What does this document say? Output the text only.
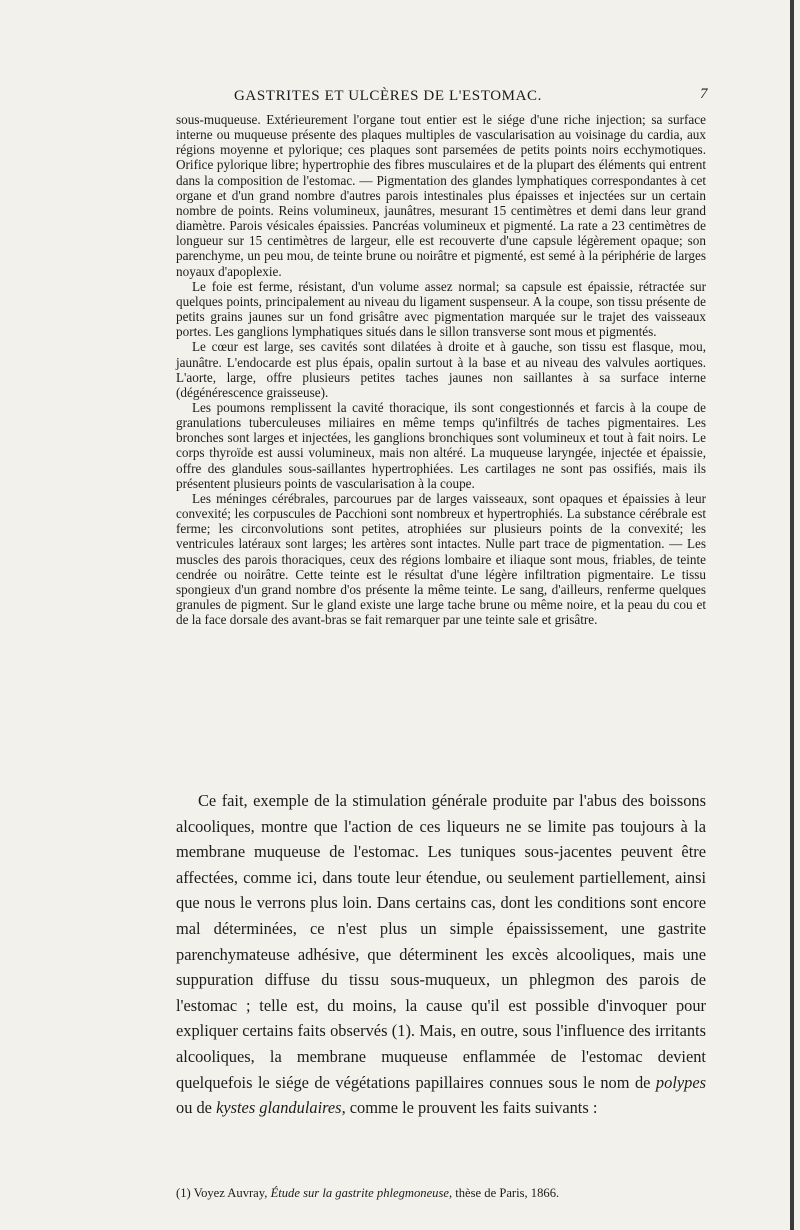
GASTRITES ET ULCÈRES DE L'ESTOMAC.	7

sous-muqueuse. Extérieurement l'organe tout entier est le siége d'une riche injection; sa surface interne ou muqueuse présente des plaques multiples de vascularisation au voisinage du cardia, aux régions moyenne et pylorique; ces plaques sont parsemées de petits points noirs ecchymotiques. Orifice pylorique libre; hypertrophie des fibres musculaires et de la plupart des éléments qui entrent dans la composition de l'estomac. — Pigmentation des glandes lymphatiques correspondantes à cet organe et d'un grand nombre d'autres parois intestinales plus épaisses et injectées sur un certain nombre de points. Reins volumineux, jaunâtres, mesurant 15 centimètres et demi dans leur grand diamètre. Parois vésicales épaissies. Pancréas volumineux et pigmenté. La rate a 23 centimètres de longueur sur 15 centimètres de largeur, elle est recouverte d'une capsule légèrement opaque; son parenchyme, un peu mou, de teinte brune ou noirâtre et pigmenté, est semé à la périphérie de larges noyaux d'apoplexie.

Le foie est ferme, résistant, d'un volume assez normal; sa capsule est épaissie, rétractée sur quelques points, principalement au niveau du ligament suspenseur. A la coupe, son tissu présente de petits grains jaunes sur un fond grisâtre avec pigmentation marquée sur le trajet des vaisseaux portes. Les ganglions lymphatiques situés dans le sillon transverse sont mous et pigmentés.

Le cœur est large, ses cavités sont dilatées à droite et à gauche, son tissu est flasque, mou, jaunâtre. L'endocarde est plus épais, opalin surtout à la base et au niveau des valvules aortiques. L'aorte, large, offre plusieurs petites taches jaunes non saillantes à sa surface interne (dégénérescence graisseuse).

Les poumons remplissent la cavité thoracique, ils sont congestionnés et farcis à la coupe de granulations tuberculeuses miliaires en même temps qu'infiltrés de taches pigmentaires. Les bronches sont larges et injectées, les ganglions bronchiques sont volumineux et tout à fait noirs. Le corps thyroïde est aussi volumineux, mais non altéré. La muqueuse laryngée, injectée et épaissie, offre des glandules sous-saillantes hypertrophiées. Les cartilages ne sont pas ossifiés, mais ils présentent plusieurs points de vascularisation à la coupe.

Les méninges cérébrales, parcourues par de larges vaisseaux, sont opaques et épaissies à leur convexité; les corpuscules de Pacchioni sont nombreux et hypertrophiés. La substance cérébrale est ferme; les circonvolutions sont petites, atrophiées sur plusieurs points de la convexité; les ventricules latéraux sont larges; les artères sont intactes. Nulle part trace de pigmentation. — Les muscles des parois thoraciques, ceux des régions lombaire et iliaque sont mous, friables, de teinte cendrée ou noirâtre. Cette teinte est le résultat d'une légère infiltration pigmentaire. Le tissu spongieux d'un grand nombre d'os présente la même teinte. Le sang, d'ailleurs, renferme quelques granules de pigment. Sur le gland existe une large tache brune ou même noire, et la peau du cou et de la face dorsale des avant-bras se fait remarquer par une teinte sale et grisâtre.

Ce fait, exemple de la stimulation générale produite par l'abus des boissons alcooliques, montre que l'action de ces liqueurs ne se limite pas toujours à la membrane muqueuse de l'estomac. Les tuniques sous-jacentes peuvent être affectées, comme ici, dans toute leur étendue, ou seulement partiellement, ainsi que nous le verrons plus loin. Dans certains cas, dont les conditions sont encore mal déterminées, ce n'est plus un simple épaississement, une gastrite parenchymateuse adhésive, que déterminent les excès alcooliques, mais une suppuration diffuse du tissu sous-muqueux, un phlegmon des parois de l'estomac ; telle est, du moins, la cause qu'il est possible d'invoquer pour expliquer certains faits observés (1). Mais, en outre, sous l'influence des irritants alcooliques, la membrane muqueuse enflammée de l'estomac devient quelquefois le siége de végétations papillaires connues sous le nom de polypes ou de kystes glandulaires, comme le prouvent les faits suivants :

(1) Voyez Auvray, Étude sur la gastrite phlegmoneuse, thèse de Paris, 1866.
